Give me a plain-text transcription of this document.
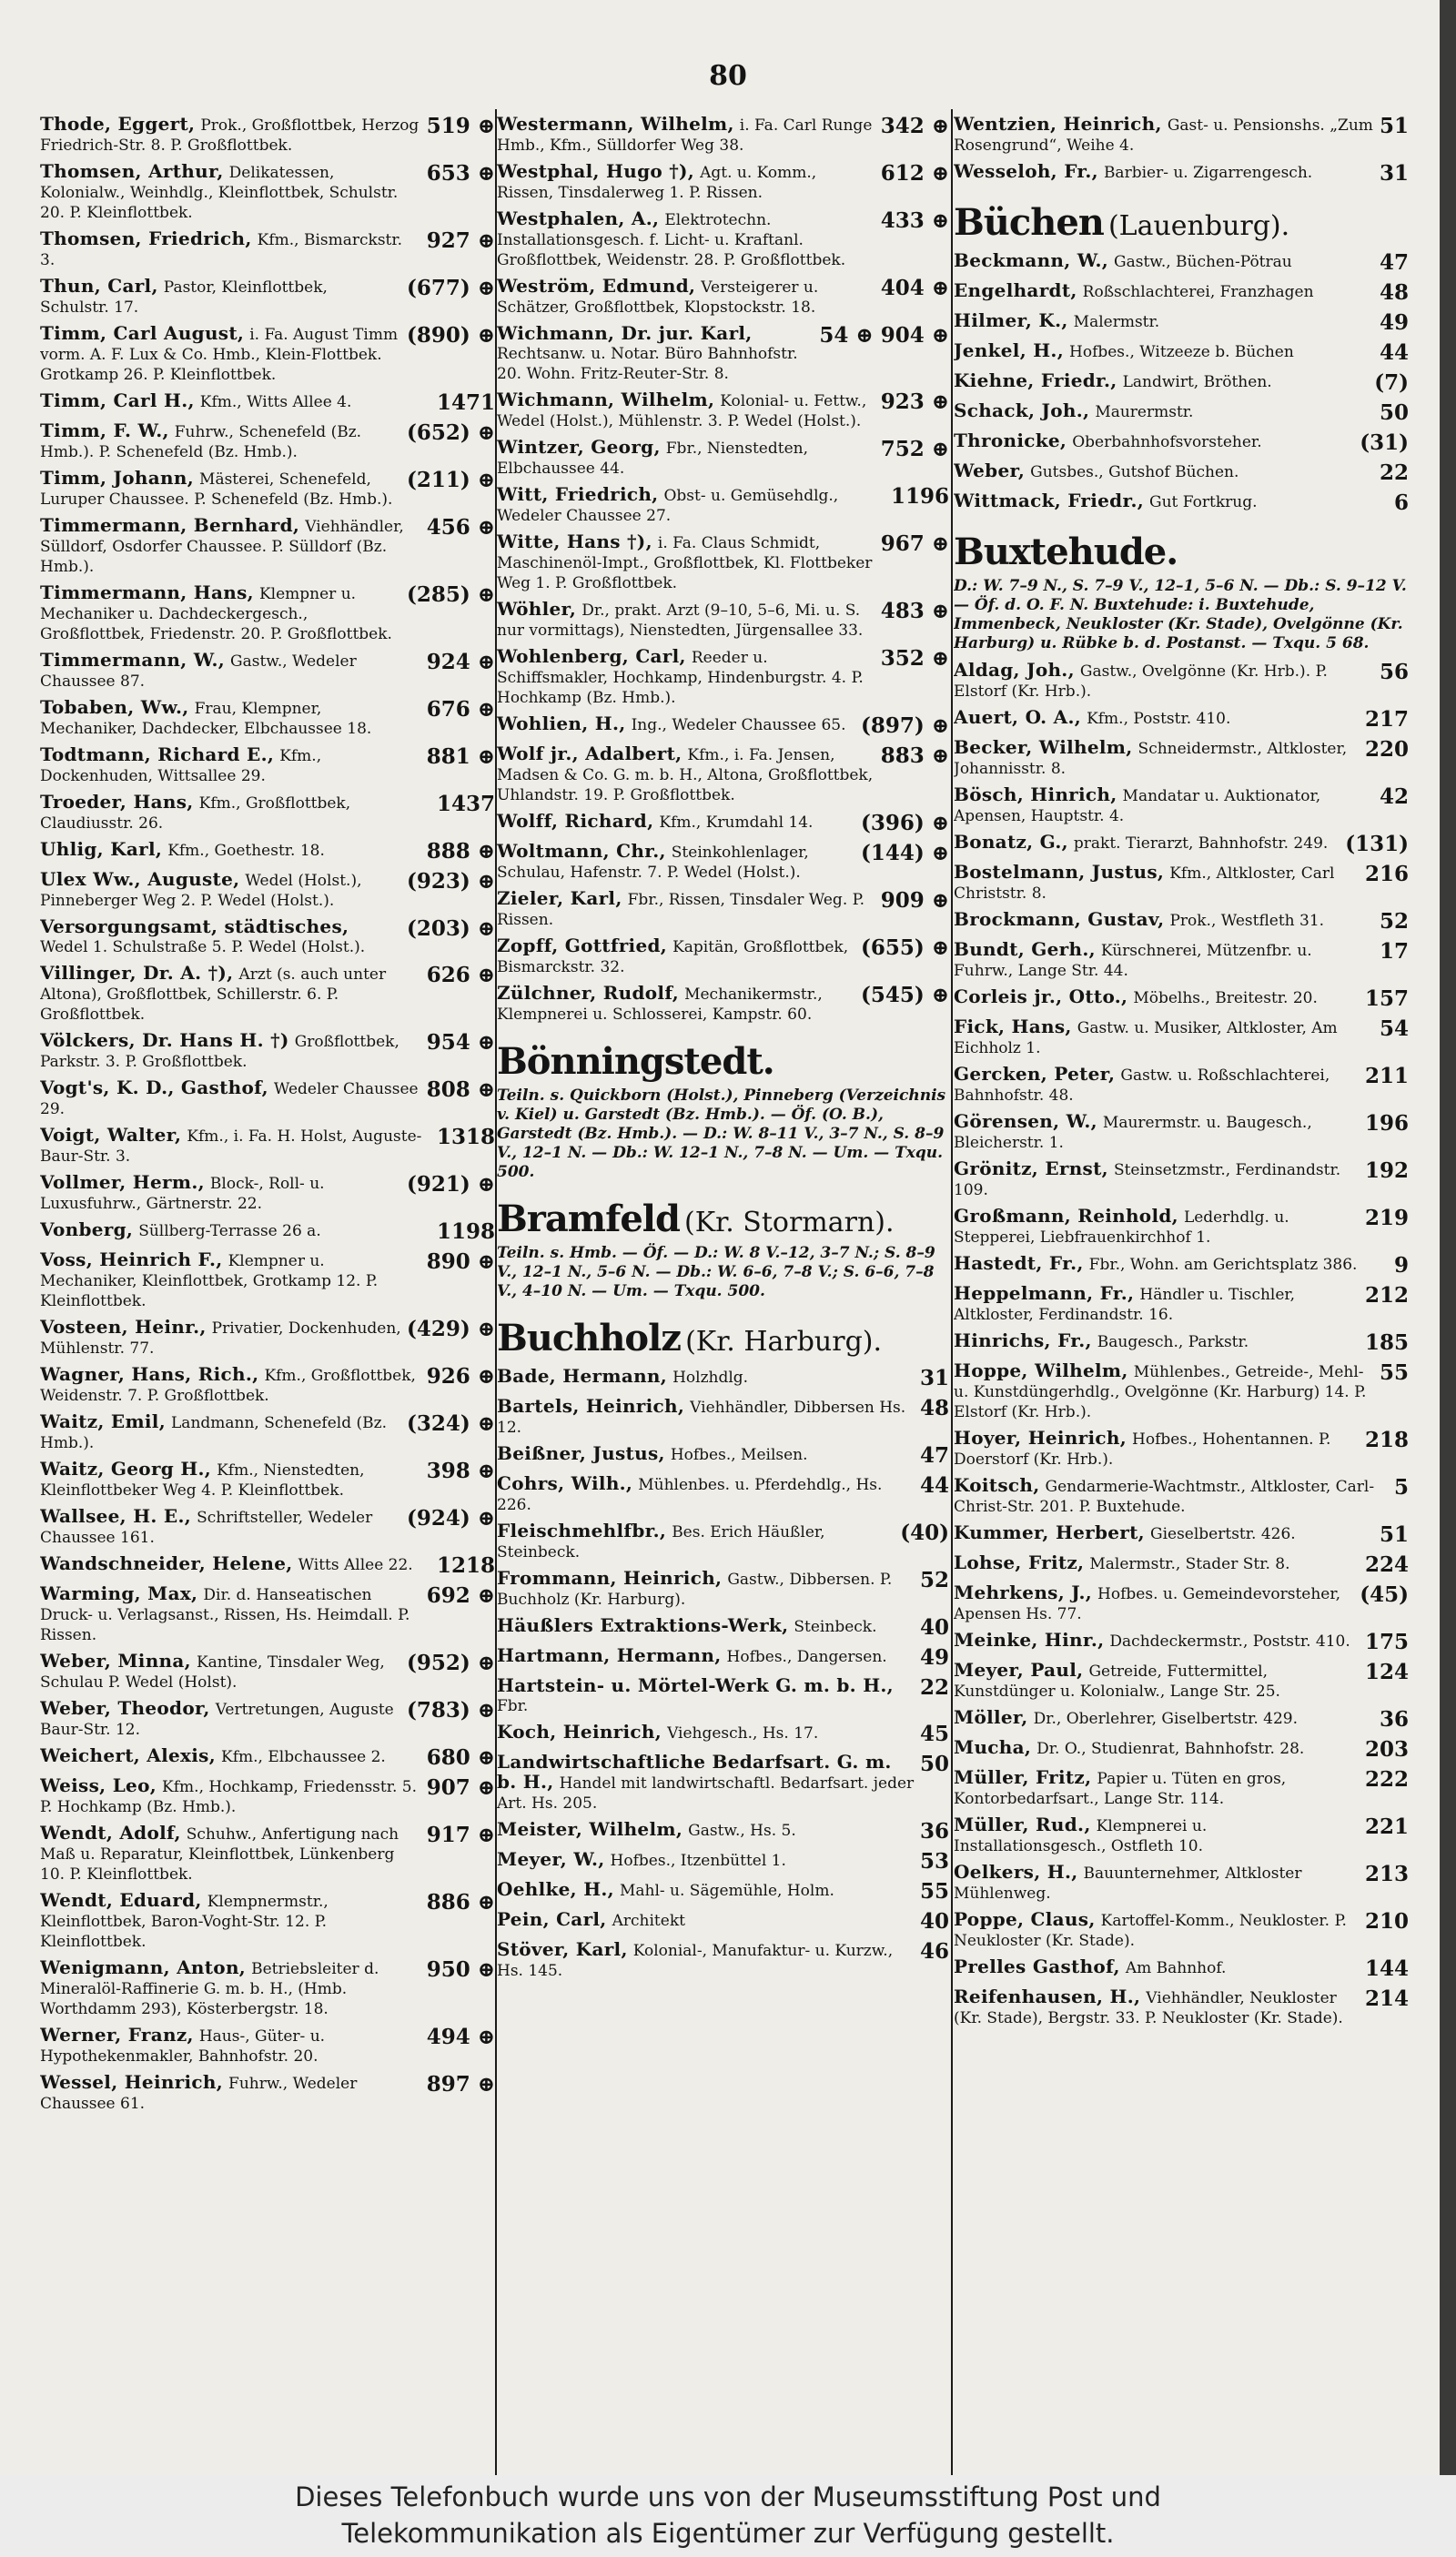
80
519 ⊕
Thode, Eggert, Prok., Großflottbek, Herzog Friedrich-Str. 8. P. Großflottbek.
653 ⊕
Thomsen, Arthur, Delikatessen, Kolonialw., Weinhdlg., Kleinflottbek, Schulstr. 20. P. Kleinflottbek.
927 ⊕
Thomsen, Friedrich, Kfm., Bismarckstr. 3.
(677) ⊕
Thun, Carl, Pastor, Kleinflottbek, Schulstr. 17.
(890) ⊕
Timm, Carl August, i. Fa. August Timm vorm. A. F. Lux & Co. Hmb., Klein-Flottbek. Grotkamp 26. P. Kleinflottbek.
1471
Timm, Carl H., Kfm., Witts Allee 4.
(652) ⊕
Timm, F. W., Fuhrw., Schenefeld (Bz. Hmb.). P. Schenefeld (Bz. Hmb.).
(211) ⊕
Timm, Johann, Mästerei, Schenefeld, Luruper Chaussee. P. Schenefeld (Bz. Hmb.).
456 ⊕
Timmermann, Bernhard, Viehhändler, Sülldorf, Osdorfer Chaussee. P. Sülldorf (Bz. Hmb.).
(285) ⊕
Timmermann, Hans, Klempner u. Mechaniker u. Dachdeckergesch., Großflottbek, Friedenstr. 20. P. Großflottbek.
924 ⊕
Timmermann, W., Gastw., Wedeler Chaussee 87.
676 ⊕
Tobaben, Ww., Frau, Klempner, Mechaniker, Dachdecker, Elbchaussee 18.
881 ⊕
Todtmann, Richard E., Kfm., Dockenhuden, Wittsallee 29.
1437
Troeder, Hans, Kfm., Großflottbek, Claudiusstr. 26.
888 ⊕
Uhlig, Karl, Kfm., Goethestr. 18.
(923) ⊕
Ulex Ww., Auguste, Wedel (Holst.), Pinneberger Weg 2. P. Wedel (Holst.).
(203) ⊕
Versorgungsamt, städtisches, Wedel 1. Schulstraße 5. P. Wedel (Holst.).
626 ⊕
Villinger, Dr. A. †), Arzt (s. auch unter Altona), Großflottbek, Schillerstr. 6. P. Großflottbek.
954 ⊕
Völckers, Dr. Hans H. †) Großflottbek, Parkstr. 3. P. Großflottbek.
808 ⊕
Vogt's, K. D., Gasthof, Wedeler Chaussee 29.
1318
Voigt, Walter, Kfm., i. Fa. H. Holst, Auguste-Baur-Str. 3.
(921) ⊕
Vollmer, Herm., Block-, Roll- u. Luxusfuhrw., Gärtnerstr. 22.
1198
Vonberg, Süllberg-Terrasse 26 a.
890 ⊕
Voss, Heinrich F., Klempner u. Mechaniker, Kleinflottbek, Grotkamp 12. P. Kleinflottbek.
(429) ⊕
Vosteen, Heinr., Privatier, Dockenhuden, Mühlenstr. 77.
926 ⊕
Wagner, Hans, Rich., Kfm., Großflottbek, Weidenstr. 7. P. Großflottbek.
(324) ⊕
Waitz, Emil, Landmann, Schenefeld (Bz. Hmb.).
398 ⊕
Waitz, Georg H., Kfm., Nienstedten, Kleinflottbeker Weg 4. P. Kleinflottbek.
(924) ⊕
Wallsee, H. E., Schriftsteller, Wedeler Chaussee 161.
1218
Wandschneider, Helene, Witts Allee 22.
692 ⊕
Warming, Max, Dir. d. Hanseatischen Druck- u. Verlagsanst., Rissen, Hs. Heimdall. P. Rissen.
(952) ⊕
Weber, Minna, Kantine, Tinsdaler Weg, Schulau P. Wedel (Holst).
(783) ⊕
Weber, Theodor, Vertretungen, Auguste Baur-Str. 12.
680 ⊕
Weichert, Alexis, Kfm., Elbchaussee 2.
907 ⊕
Weiss, Leo, Kfm., Hochkamp, Friedensstr. 5. P. Hochkamp (Bz. Hmb.).
917 ⊕
Wendt, Adolf, Schuhw., Anfertigung nach Maß u. Reparatur, Kleinflottbek, Lünkenberg 10. P. Kleinflottbek.
886 ⊕
Wendt, Eduard, Klempnermstr., Kleinflottbek, Baron-Voght-Str. 12. P. Kleinflottbek.
950 ⊕
Wenigmann, Anton, Betriebsleiter d. Mineralöl-Raffinerie G. m. b. H., (Hmb. Worthdamm 293), Kösterbergstr. 18.
494 ⊕
Werner, Franz, Haus-, Güter- u. Hypothekenmakler, Bahnhofstr. 20.
897 ⊕
Wessel, Heinrich, Fuhrw., Wedeler Chaussee 61.
342 ⊕
Westermann, Wilhelm, i. Fa. Carl Runge Hmb., Kfm., Sülldorfer Weg 38.
612 ⊕
Westphal, Hugo †), Agt. u. Komm., Rissen, Tinsdalerweg 1. P. Rissen.
433 ⊕
Westphalen, A., Elektrotechn. Installationsgesch. f. Licht- u. Kraftanl. Großflottbek, Weidenstr. 28. P. Großflottbek.
404 ⊕
Weström, Edmund, Versteigerer u. Schätzer, Großflottbek, Klopstockstr. 18.
54 ⊕ 904 ⊕
Wichmann, Dr. jur. Karl, Rechtsanw. u. Notar. Büro Bahnhofstr. 20. Wohn. Fritz-Reuter-Str. 8.
923 ⊕
Wichmann, Wilhelm, Kolonial- u. Fettw., Wedel (Holst.), Mühlenstr. 3. P. Wedel (Holst.).
752 ⊕
Wintzer, Georg, Fbr., Nienstedten, Elbchaussee 44.
1196
Witt, Friedrich, Obst- u. Gemüsehdlg., Wedeler Chaussee 27.
967 ⊕
Witte, Hans †), i. Fa. Claus Schmidt, Maschinenöl-Impt., Großflottbek, Kl. Flottbeker Weg 1. P. Großflottbek.
483 ⊕
Wöhler, Dr., prakt. Arzt (9–10, 5–6, Mi. u. S. nur vormittags), Nienstedten, Jürgensallee 33.
352 ⊕
Wohlenberg, Carl, Reeder u. Schiffsmakler, Hochkamp, Hindenburgstr. 4. P. Hochkamp (Bz. Hmb.).
(897) ⊕
Wohlien, H., Ing., Wedeler Chaussee 65.
883 ⊕
Wolf jr., Adalbert, Kfm., i. Fa. Jensen, Madsen & Co. G. m. b. H., Altona, Großflottbek, Uhlandstr. 19. P. Großflottbek.
(396) ⊕
Wolff, Richard, Kfm., Krumdahl 14.
(144) ⊕
Woltmann, Chr., Steinkohlenlager, Schulau, Hafenstr. 7. P. Wedel (Holst.).
909 ⊕
Zieler, Karl, Fbr., Rissen, Tinsdaler Weg. P. Rissen.
(655) ⊕
Zopff, Gottfried, Kapitän, Großflottbek, Bismarckstr. 32.
(545) ⊕
Zülchner, Rudolf, Mechanikermstr., Klempnerei u. Schlosserei, Kampstr. 60.
Bönningstedt.
Teiln. s. Quickborn (Holst.), Pinneberg (Verzeichnis v. Kiel) u. Garstedt (Bz. Hmb.). — Öf. (O. B.), Garstedt (Bz. Hmb.). — D.: W. 8–11 V., 3–7 N., S. 8–9 V., 12–1 N. — Db.: W. 12–1 N., 7–8 N. — Um. — Txqu. 500.
Bramfeld (Kr. Stormarn).
Teiln. s. Hmb. — Öf. — D.: W. 8 V.–12, 3–7 N.; S. 8–9 V., 12–1 N., 5–6 N. — Db.: W. 6–6, 7–8 V.; S. 6–6, 7–8 V., 4–10 N. — Um. — Txqu. 500.
Buchholz (Kr. Harburg).
31
Bade, Hermann, Holzhdlg.
48
Bartels, Heinrich, Viehhändler, Dibbersen Hs. 12.
47
Beißner, Justus, Hofbes., Meilsen.
44
Cohrs, Wilh., Mühlenbes. u. Pferdehdlg., Hs. 226.
(40)
Fleischmehlfbr., Bes. Erich Häußler, Steinbeck.
52
Frommann, Heinrich, Gastw., Dibbersen. P. Buchholz (Kr. Harburg).
40
Häußlers Extraktions-Werk, Steinbeck.
49
Hartmann, Hermann, Hofbes., Dangersen.
22
Hartstein- u. Mörtel-Werk G. m. b. H., Fbr.
45
Koch, Heinrich, Viehgesch., Hs. 17.
50
Landwirtschaftliche Bedarfsart. G. m. b. H., Handel mit landwirtschaftl. Bedarfsart. jeder Art. Hs. 205.
36
Meister, Wilhelm, Gastw., Hs. 5.
53
Meyer, W., Hofbes., Itzenbüttel 1.
55
Oehlke, H., Mahl- u. Sägemühle, Holm.
40
Pein, Carl, Architekt
46
Stöver, Karl, Kolonial-, Manufaktur- u. Kurzw., Hs. 145.
51
Wentzien, Heinrich, Gast- u. Pensionshs. „Zum Rosengrund“, Weihe 4.
31
Wesseloh, Fr., Barbier- u. Zigarrengesch.
Büchen (Lauenburg).
47
Beckmann, W., Gastw., Büchen-Pötrau
48
Engelhardt, Roßschlachterei, Franzhagen
49
Hilmer, K., Malermstr.
44
Jenkel, H., Hofbes., Witzeeze b. Büchen
(7)
Kiehne, Friedr., Landwirt, Bröthen.
50
Schack, Joh., Maurermstr.
(31)
Thronicke, Oberbahnhofsvorsteher.
22
Weber, Gutsbes., Gutshof Büchen.
6
Wittmack, Friedr., Gut Fortkrug.
Buxtehude.
D.: W. 7–9 N., S. 7–9 V., 12–1, 5–6 N. — Db.: S. 9–12 V. — Öf. d. O. F. N. Buxtehude: i. Buxtehude, Immenbeck, Neukloster (Kr. Stade), Ovelgönne (Kr. Harburg) u. Rübke b. d. Postanst. — Txqu. 5 68.
56
Aldag, Joh., Gastw., Ovelgönne (Kr. Hrb.). P. Elstorf (Kr. Hrb.).
217
Auert, O. A., Kfm., Poststr. 410.
220
Becker, Wilhelm, Schneidermstr., Altkloster, Johannisstr. 8.
42
Bösch, Hinrich, Mandatar u. Auktionator, Apensen, Hauptstr. 4.
(131)
Bonatz, G., prakt. Tierarzt, Bahnhofstr. 249.
216
Bostelmann, Justus, Kfm., Altkloster, Carl Christstr. 8.
52
Brockmann, Gustav, Prok., Westfleth 31.
17
Bundt, Gerh., Kürschnerei, Mützenfbr. u. Fuhrw., Lange Str. 44.
157
Corleis jr., Otto., Möbelhs., Breitestr. 20.
54
Fick, Hans, Gastw. u. Musiker, Altkloster, Am Eichholz 1.
211
Gercken, Peter, Gastw. u. Roßschlachterei, Bahnhofstr. 48.
196
Görensen, W., Maurermstr. u. Baugesch., Bleicherstr. 1.
192
Grönitz, Ernst, Steinsetzmstr., Ferdinandstr. 109.
219
Großmann, Reinhold, Lederhdlg. u. Stepperei, Liebfrauenkirchhof 1.
9
Hastedt, Fr., Fbr., Wohn. am Gerichtsplatz 386.
212
Heppelmann, Fr., Händler u. Tischler, Altkloster, Ferdinandstr. 16.
185
Hinrichs, Fr., Baugesch., Parkstr.
55
Hoppe, Wilhelm, Mühlenbes., Getreide-, Mehl- u. Kunstdüngerhdlg., Ovelgönne (Kr. Harburg) 14. P. Elstorf (Kr. Hrb.).
218
Hoyer, Heinrich, Hofbes., Hohentannen. P. Doerstorf (Kr. Hrb.).
5
Koitsch, Gendarmerie-Wachtmstr., Altkloster, Carl-Christ-Str. 201. P. Buxtehude.
51
Kummer, Herbert, Gieselbertstr. 426.
224
Lohse, Fritz, Malermstr., Stader Str. 8.
(45)
Mehrkens, J., Hofbes. u. Gemeindevorsteher, Apensen Hs. 77.
175
Meinke, Hinr., Dachdeckermstr., Poststr. 410.
124
Meyer, Paul, Getreide, Futtermittel, Kunstdünger u. Kolonialw., Lange Str. 25.
36
Möller, Dr., Oberlehrer, Giselbertstr. 429.
203
Mucha, Dr. O., Studienrat, Bahnhofstr. 28.
222
Müller, Fritz, Papier u. Tüten en gros, Kontorbedarfsart., Lange Str. 114.
221
Müller, Rud., Klempnerei u. Installationsgesch., Ostfleth 10.
213
Oelkers, H., Bauunternehmer, Altkloster Mühlenweg.
210
Poppe, Claus, Kartoffel-Komm., Neukloster. P. Neukloster (Kr. Stade).
144
Prelles Gasthof, Am Bahnhof.
214
Reifenhausen, H., Viehhändler, Neukloster (Kr. Stade), Bergstr. 33. P. Neukloster (Kr. Stade).
Dieses Telefonbuch wurde uns von der Museumsstiftung Post und
Telekommunikation als Eigentümer zur Verfügung gestellt.
